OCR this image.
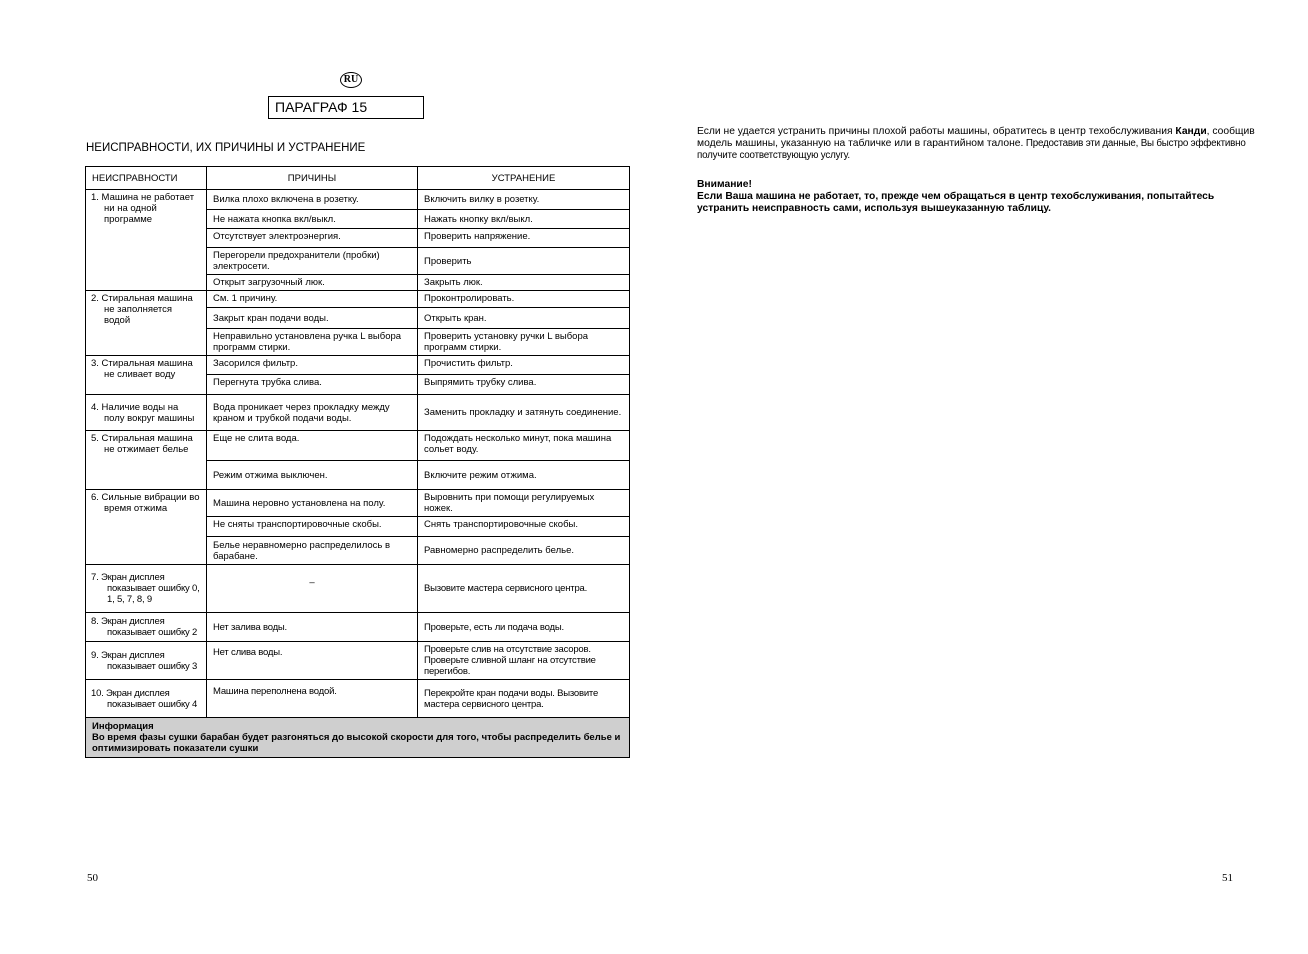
RU
ПАРАГРАФ 15
НЕИСПРАВНОСТИ, ИХ ПРИЧИНЫ И УСТРАНЕНИЕ
НЕИСПРАВНОСТИ	ПРИЧИНЫ	УСТРАНЕНИЕ

1. Машина не работает ни на одной программе	Вилка плохо включена в розетку.	Включить вилку в розетку.
	Не нажата кнопка вкл/выкл.	Нажать кнопку вкл/выкл.
	Отсутствует электроэнергия.	Проверить напряжение.
	Перегорели предохранители (пробки) электросети.	Проверить
	Открыт загрузочный люк.	Закрыть люк.

2. Стиральная машина не заполняется водой	См. 1 причину.	Проконтролировать.
	Закрыт кран подачи воды.	Открыть кран.
	Неправильно установлена ручка L выбора программ стирки.	Проверить установку ручки L выбора программ стирки.

3. Стиральная машина не сливает воду	Засорился фильтр.	Прочистить фильтр.
	Перегнута трубка слива.	Выпрямить трубку слива.

4. Наличие воды на полу вокруг машины	Вода проникает через прокладку между краном и трубкой подачи воды.	Заменить прокладку и затянуть соединение.

5. Стиральная машина не отжимает белье	Еще не слита вода.	Подождать несколько минут, пока машина сольет воду.
	Режим отжима выключен.	Включите режим отжима.

6. Сильные вибрации во время отжима	Машина неровно установлена на полу.	Выровнить при помощи регулируемых ножек.
	Не сняты транспортировочные скобы.	Снять транспортировочные скобы.
	Белье неравномерно распределилось в барабане.	Равномерно распределить белье.

7. Экран дисплея показывает ошибку 0, 1, 5, 7, 8, 9	–	Вызовите мастера сервисного центра.

8. Экран дисплея показывает ошибку 2	Нет залива воды.	Проверьте, есть ли подача воды.

9. Экран дисплея показывает ошибку 3	Нет слива воды.	Проверьте слив на отсутствие засоров. Проверьте сливной шланг на отсутствие перегибов.

10. Экран дисплея показывает ошибку 4	Машина переполнена водой.	Перекройте кран подачи воды. Вызовите мастера сервисного центра.

Информация
Во время фазы сушки барабан будет разгоняться до высокой скорости для того, чтобы распределить белье и оптимизировать показатели сушки		

Если не удается устранить причины плохой работы машины, обратитесь в центр техобслуживания Канди, сообщив модель машины, указанную на табличке или в гарантийном талоне. Предоставив эти данные, Вы быстро эффективно получите соответствующую услугу.

Внимание!
Если Ваша машина не работает, то, прежде чем обращаться в центр техобслуживания, попытайтесь устранить неисправность сами, используя вышеуказанную таблицу.
50	51
